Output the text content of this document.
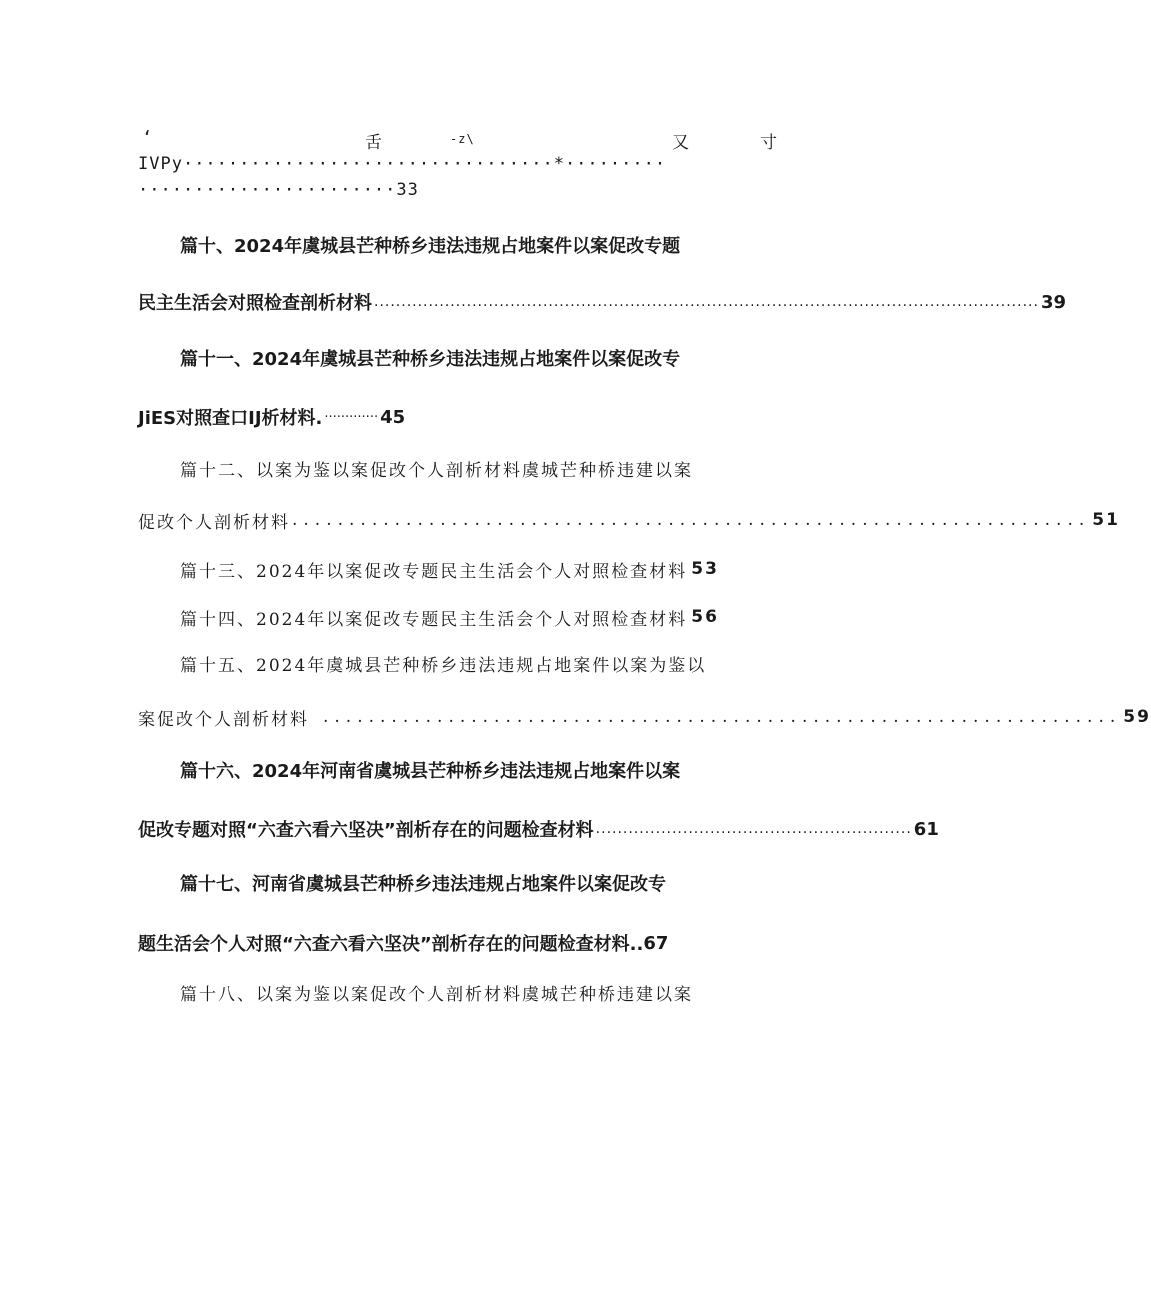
‘	舌	-z\	又	寸
IVPy·································*·········
·······················33
篇十、2024年虞城县芒种桥乡违法违规占地案件以案促改专题
民主生活会对照检查剖析材料 .......................................................................................................................... 39
篇十一、2024年虞城县芒种桥乡违法违规占地案件以案促改专
JiES对照查口IJ析材料. ············· 45
篇十二、以案为鉴以案促改个人剖析材料虞城芒种桥违建以案
促改个人剖析材料 ...................................................................... 51
篇十三、2024年以案促改专题民主生活会个人对照检查材料 53
篇十四、2024年以案促改专题民主生活会个人对照检查材料 56
篇十五、2024年虞城县芒种桥乡违法违规占地案件以案为鉴以
案促改个人剖析材料 ...................................................................... 59
篇十六、2024年河南省虞城县芒种桥乡违法违规占地案件以案
促改专题对照“六查六看六坚决”剖析存在的问题检查材料 .......................................................... 61
篇十七、河南省虞城县芒种桥乡违法违规占地案件以案促改专
题生活会个人对照“六查六看六坚决”剖析存在的问题检查材料.. 67
篇十八、以案为鉴以案促改个人剖析材料虞城芒种桥违建以案
